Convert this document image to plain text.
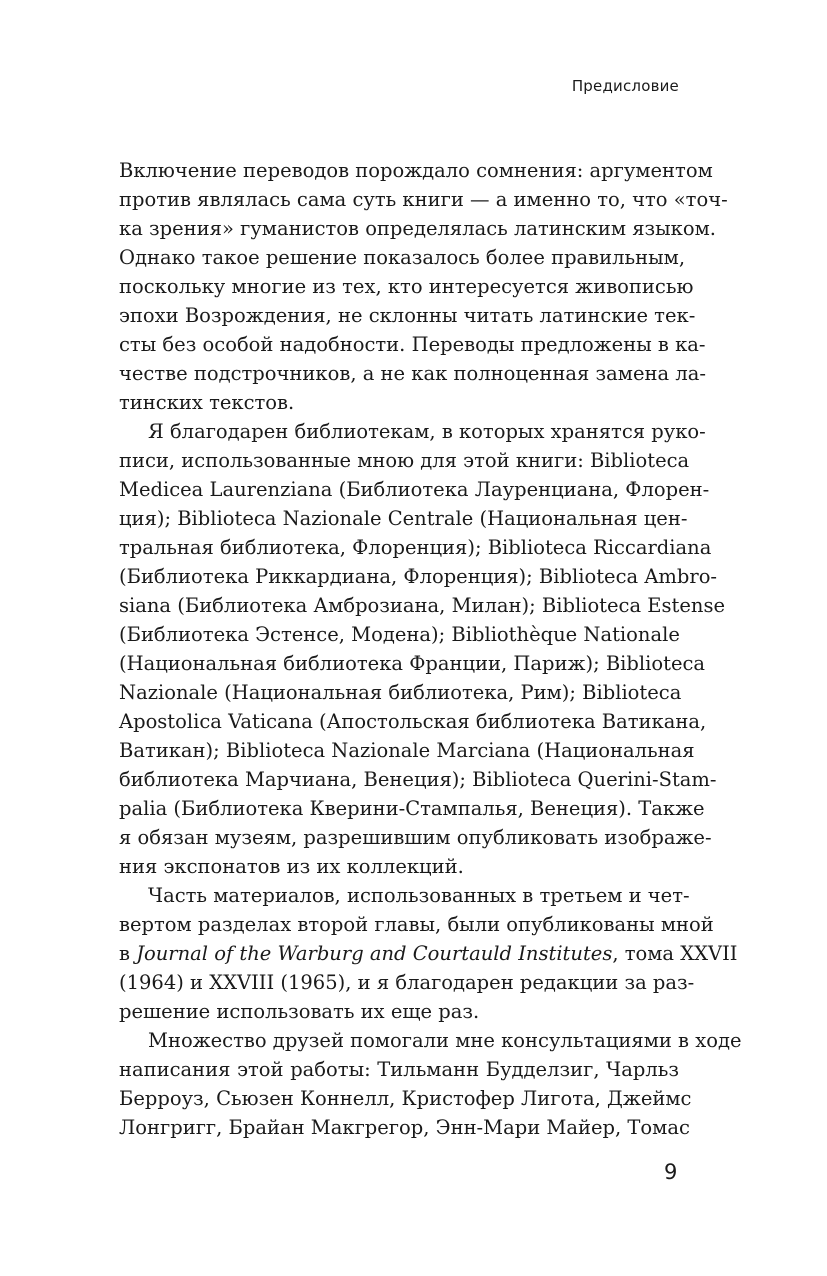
Предисловие
Включение переводов порождало сомнения: аргументом
против являлась сама суть книги — а именно то, что «точ-
ка зрения» гуманистов определялась латинским языком.
Однако такое решение показалось более правильным,
поскольку многие из тех, кто интересуется живописью
эпохи Возрождения, не склонны читать латинские тек-
сты без особой надобности. Переводы предложены в ка-
честве подстрочников, а не как полноценная замена ла-
тинских текстов.
Я благодарен библиотекам, в которых хранятся руко-
писи, использованные мною для этой книги: Biblioteca
Medicea Laurenziana (Библиотека Лауренциана, Флорен-
ция); Biblioteca Nazionale Centrale (Национальная цен-
тральная библиотека, Флоренция); Biblioteca Riccardiana
(Библиотека Риккардиана, Флоренция); Biblioteca Ambro-
siana (Библиотека Амброзиана, Милан); Biblioteca Estense
(Библиотека Эстенсе, Модена); Bibliothèque Nationale
(Национальная библиотека Франции, Париж); Biblioteca
Nazionale (Национальная библиотека, Рим); Biblioteca
Apostolica Vaticana (Апостольская библиотека Ватикана,
Ватикан); Biblioteca Nazionale Marciana (Национальная
библиотека Марчиана, Венеция); Biblioteca Querini-Stam-
palia (Библиотека Кверини-Стампалья, Венеция). Также
я обязан музеям, разрешившим опубликовать изображе-
ния экспонатов из их коллекций.
Часть материалов, использованных в третьем и чет-
вертом разделах второй главы, были опубликованы мной
в Journal of the Warburg and Courtauld Institutes, тома XXVII
(1964) и XXVIII (1965), и я благодарен редакции за раз-
решение использовать их еще раз.
Множество друзей помогали мне консультациями в ходе
написания этой работы: Тильманн Будделзиг, Чарльз
Берроуз, Сьюзен Коннелл, Кристофер Лигота, Джеймс
Лонгригг, Брайан Макгрегор, Энн-Мари Майер, Томас
9
